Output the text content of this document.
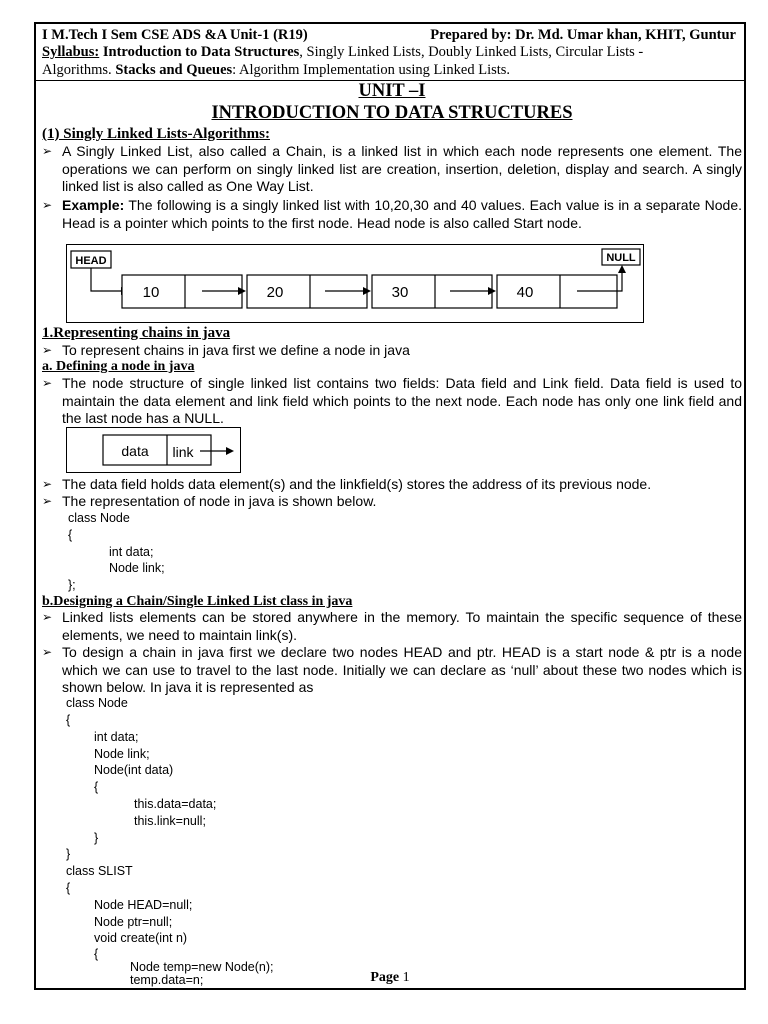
I M.Tech I Sem CSE ADS &A Unit-1 (R19)	Prepared by: Dr. Md. Umar khan, KHIT, Guntur
Syllabus: Introduction to Data Structures, Singly Linked Lists, Doubly Linked Lists, Circular Lists -
Algorithms. Stacks and Queues: Algorithm Implementation using Linked Lists.
UNIT –I
INTRODUCTION TO DATA STRUCTURES
(1) Singly Linked Lists-Algorithms:
➢ A Singly Linked List, also called a Chain, is a linked list in which each node represents one element. The operations we can perform on singly linked list are creation, insertion, deletion, display and search. A singly linked list is also called as One Way List.
➢ Example: The following is a singly linked list with 10,20,30 and 40 values. Each value is in a separate Node. Head is a pointer which points to the first node. Head node is also called Start node.
HEAD
10	20	30	40
NULL
1.Representing chains in java
➢ To represent chains in java first we define a node in java
a. Defining a node in java
➢ The node structure of single linked list contains two fields: Data field and Link field. Data field is used to maintain the data element and link field which points to the next node. Each node has only one link field and the last node has a NULL.
data link
➢ The data field holds data element(s) and the linkfield(s) stores the address of its previous node.
➢ The representation of node in java is shown below.
class Node
{
int data;
Node link;
};
b.Designing a Chain/Single Linked List class in java
➢ Linked lists elements can be stored anywhere in the memory. To maintain the specific sequence of these elements, we need to maintain link(s).
➢ To design a chain in java first we declare two nodes HEAD and ptr. HEAD is a start node & ptr is a node which we can use to travel to the last node. Initially we can declare as ‘null’ about these two nodes which is shown below. In java it is represented as
class Node
{
int data;
Node link;
Node(int data)
{
this.data=data;
this.link=null;
}
}
class SLIST
{
Node HEAD=null;
Node ptr=null;
void create(int n)
{
Node temp=new Node(n);
temp.data=n;	Page 1
